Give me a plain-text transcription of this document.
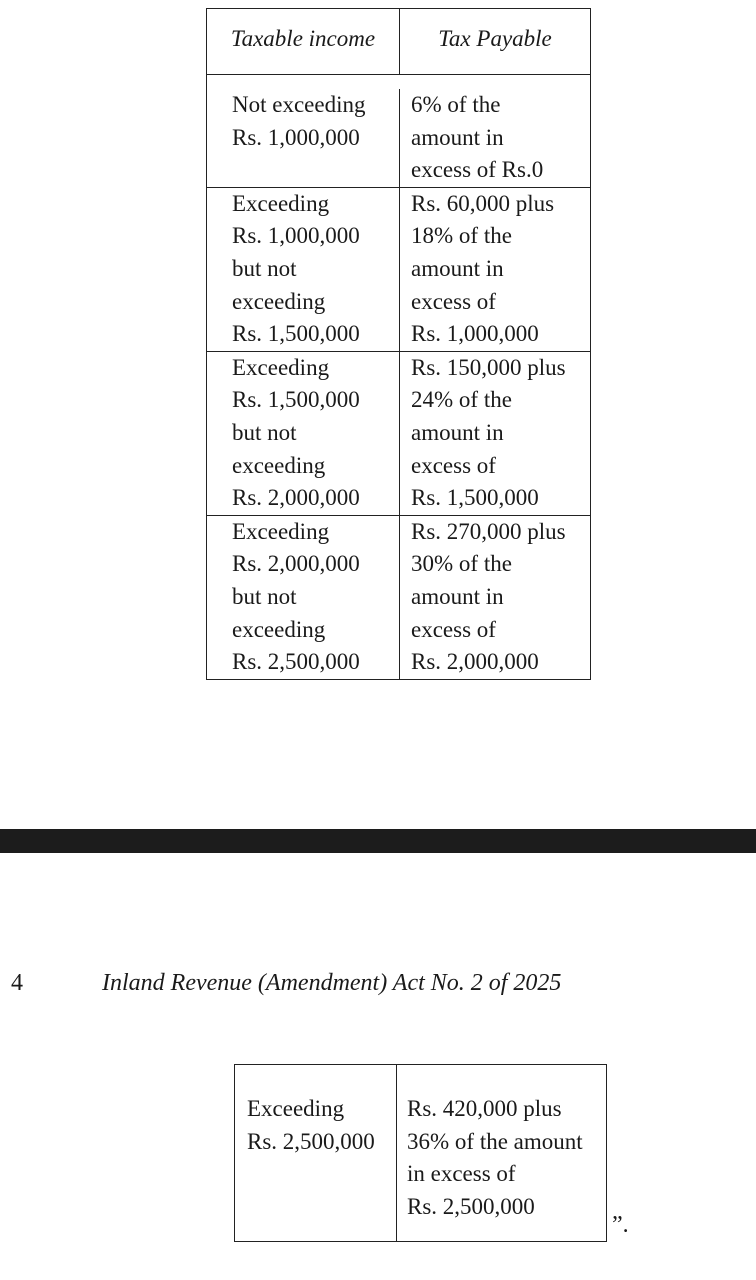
Taxable income	Tax Payable
Not exceeding
Rs. 1,000,000
6% of the
amount in
excess of Rs.0
Exceeding
Rs. 1,000,000
but not
exceeding
Rs. 1,500,000
Rs. 60,000 plus
18% of the
amount in
excess of
Rs. 1,000,000
Exceeding
Rs. 1,500,000
but not
exceeding
Rs. 2,000,000
Rs. 150,000 plus
24% of the
amount in
excess of
Rs. 1,500,000
Exceeding
Rs. 2,000,000
but not
exceeding
Rs. 2,500,000
Rs. 270,000 plus
30% of the
amount in
excess of
Rs. 2,000,000
4	Inland Revenue (Amendment) Act No. 2 of 2025
Exceeding
Rs. 2,500,000
Rs. 420,000 plus
36% of the amount
in excess of
Rs. 2,500,000
”.
